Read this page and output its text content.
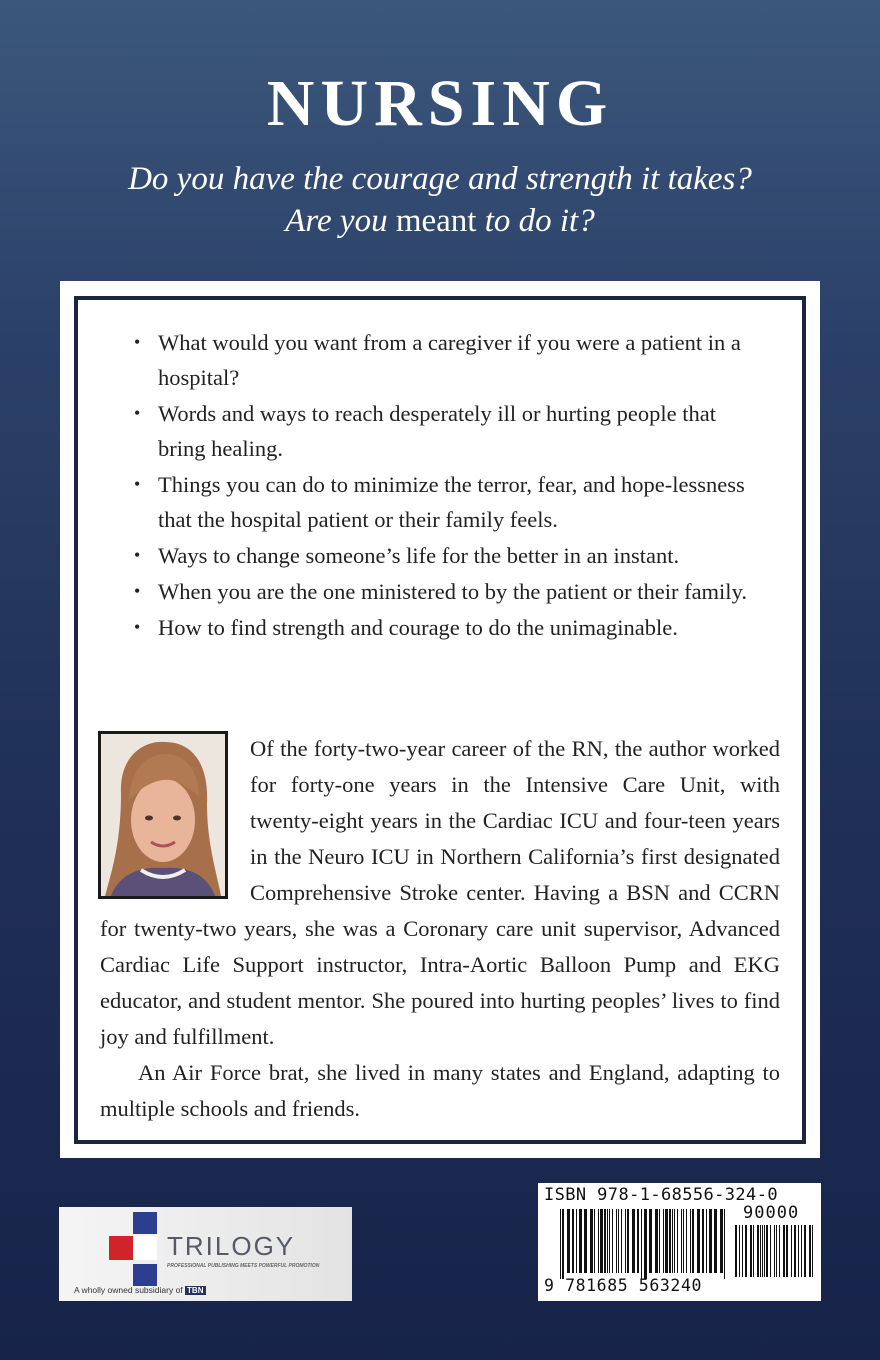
NURSING
Do you have the courage and strength it takes?
Are you meant to do it?
• What would you want from a caregiver if you were a patient in a hospital?
• Words and ways to reach desperately ill or hurting people that bring healing.
• Things you can do to minimize the terror, fear, and hope-lessness that the hospital patient or their family feels.
• Ways to change someone’s life for the better in an instant.
• When you are the one ministered to by the patient or their family.
• How to find strength and courage to do the unimaginable.

Of the forty-two-year career of the RN, the author worked for forty-one years in the Intensive Care Unit, with twenty-eight years in the Cardiac ICU and four-teen years in the Neuro ICU in Northern California’s first designated Comprehensive Stroke center. Having a BSN and CCRN for twenty-two years, she was a Coronary care unit supervisor, Advanced Cardiac Life Support instructor, Intra-Aortic Balloon Pump and EKG educator, and student mentor. She poured into hurting peoples’ lives to find joy and fulfillment.

An Air Force brat, she lived in many states and England, adapting to multiple schools and friends.

TRILOGY
PROFESSIONAL PUBLISHING MEETS POWERFUL PROMOTION
A wholly owned subsidiary of TBN
ISBN 978-1-68556-324-0
90000
9 781685 563240
